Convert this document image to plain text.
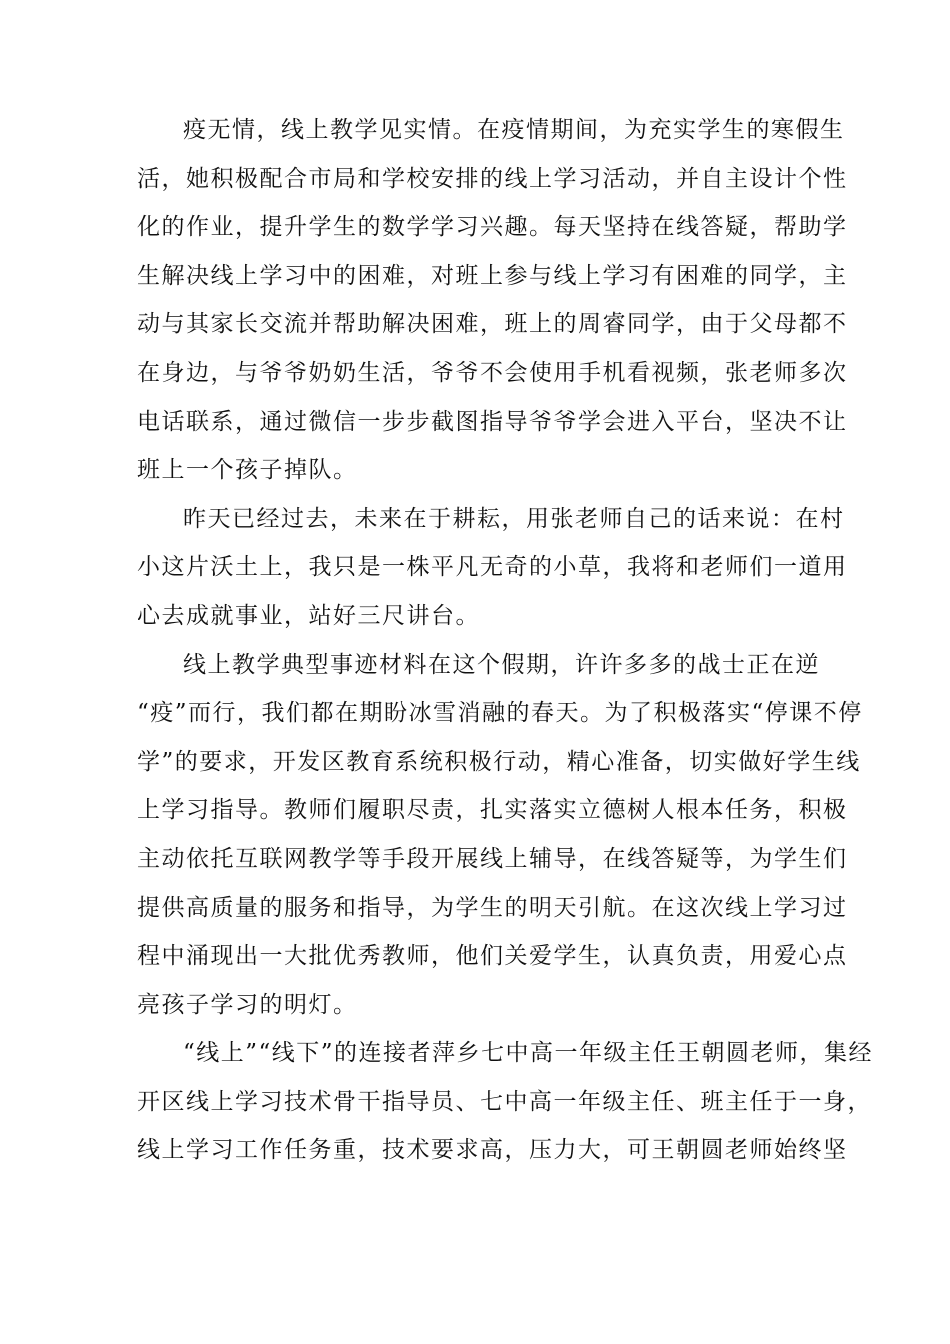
疫无情，线上教学见实情。在疫情期间，为充实学生的寒假生
活，她积极配合市局和学校安排的线上学习活动，并自主设计个性
化的作业，提升学生的数学学习兴趣。每天坚持在线答疑，帮助学
生解决线上学习中的困难，对班上参与线上学习有困难的同学，主
动与其家长交流并帮助解决困难，班上的周睿同学，由于父母都不
在身边，与爷爷奶奶生活，爷爷不会使用手机看视频，张老师多次
电话联系，通过微信一步步截图指导爷爷学会进入平台，坚决不让
班上一个孩子掉队。
昨天已经过去，未来在于耕耘，用张老师自己的话来说：在村
小这片沃土上，我只是一株平凡无奇的小草，我将和老师们一道用
心去成就事业，站好三尺讲台。
线上教学典型事迹材料在这个假期，许许多多的战士正在逆
“疫”而行，我们都在期盼冰雪消融的春天。为了积极落实“停课不停
学”的要求，开发区教育系统积极行动，精心准备，切实做好学生线
上学习指导。教师们履职尽责，扎实落实立德树人根本任务，积极
主动依托互联网教学等手段开展线上辅导，在线答疑等，为学生们
提供高质量的服务和指导，为学生的明天引航。在这次线上学习过
程中涌现出一大批优秀教师，他们关爱学生，认真负责，用爱心点
亮孩子学习的明灯。
“线上”“线下”的连接者萍乡七中高一年级主任王朝圆老师，集经
开区线上学习技术骨干指导员、七中高一年级主任、班主任于一身，
线上学习工作任务重，技术要求高，压力大，可王朝圆老师始终坚
